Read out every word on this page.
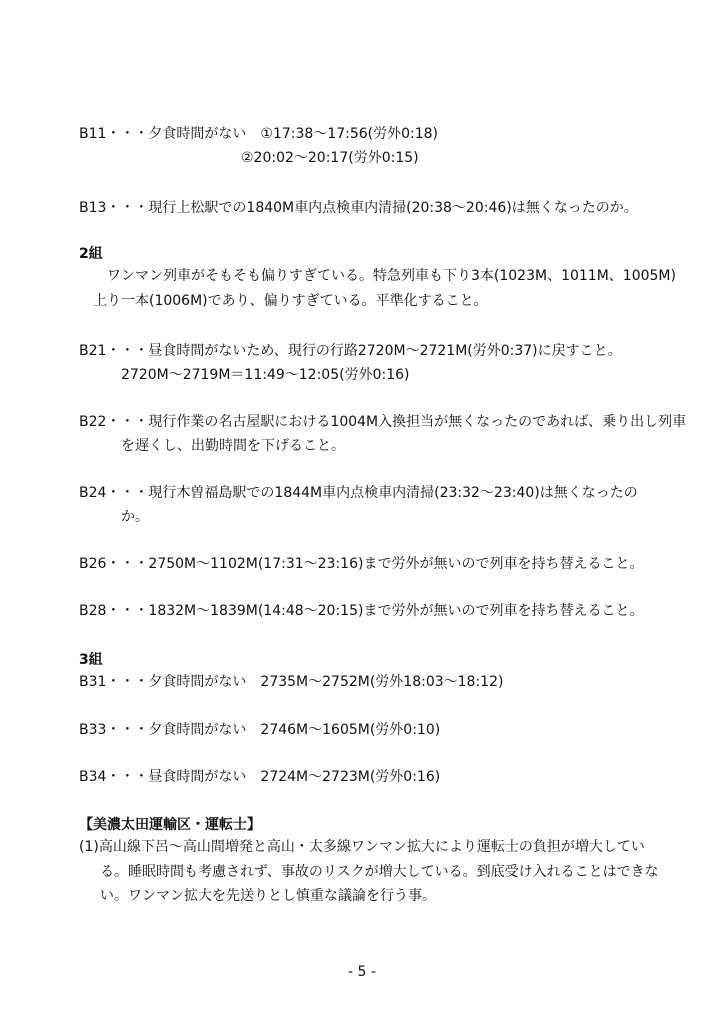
B11・・・夕食時間がない　①17:38～17:56(労外0:18)
②20:02～20:17(労外0:15)
B13・・・現行上松駅での1840M車内点検車内清掃(20:38～20:46)は無くなったのか。
2組
ワンマン列車がそもそも偏りすぎている。特急列車も下り3本(1023M、1011M、1005M)
上り一本(1006M)であり、偏りすぎている。平準化すること。
B21・・・昼食時間がないため、現行の行路2720M～2721M(労外0:37)に戻すこと。
2720M～2719M＝11:49～12:05(労外0:16)
B22・・・現行作業の名古屋駅における1004M入換担当が無くなったのであれば、乗り出し列車
を遅くし、出勤時間を下げること。
B24・・・現行木曽福島駅での1844M車内点検車内清掃(23:32～23:40)は無くなったの
か。
B26・・・2750M～1102M(17:31～23:16)まで労外が無いので列車を持ち替えること。
B28・・・1832M～1839M(14:48～20:15)まで労外が無いので列車を持ち替えること。
3組
B31・・・夕食時間がない　2735M～2752M(労外18:03～18:12)
B33・・・夕食時間がない　2746M～1605M(労外0:10)
B34・・・昼食時間がない　2724M～2723M(労外0:16)
【美濃太田運輸区・運転士】
(1)高山線下呂～高山間増発と高山・太多線ワンマン拡大により運転士の負担が増大してい
る。睡眠時間も考慮されず、事故のリスクが増大している。到底受け入れることはできな
い。ワンマン拡大を先送りとし慎重な議論を行う事。
- 5 -
